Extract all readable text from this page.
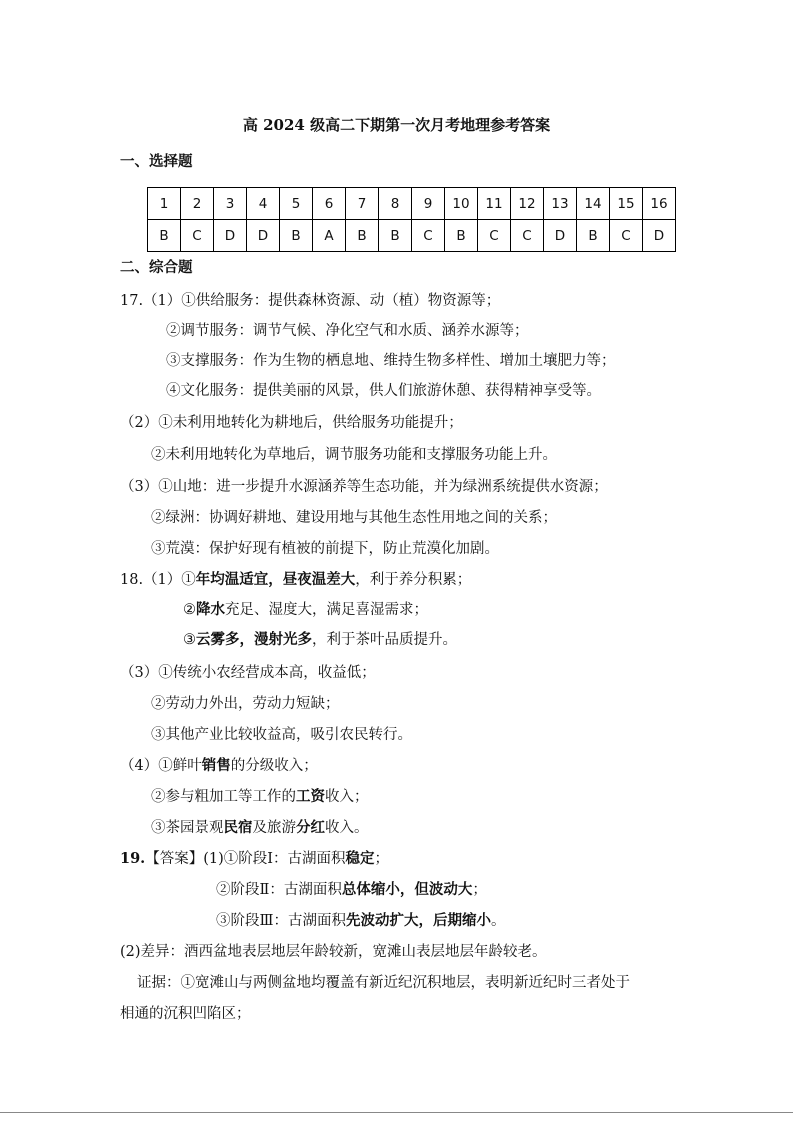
高 2024 级高二下期第一次月考地理参考答案
一、选择题
1	2	3	4	5	6	7	8	9	10	11	12	13	14	15	16
B	C	D	D	B	A	B	B	C	B	C	C	D	B	C	D
二、综合题
17.（1）①供给服务：提供森林资源、动（植）物资源等；
②调节服务：调节气候、净化空气和水质、涵养水源等；
③支撑服务：作为生物的栖息地、维持生物多样性、增加土壤肥力等；
④文化服务：提供美丽的风景，供人们旅游休憩、获得精神享受等。
（2）①未利用地转化为耕地后，供给服务功能提升；
②未利用地转化为草地后，调节服务功能和支撑服务功能上升。
（3）①山地：进一步提升水源涵养等生态功能，并为绿洲系统提供水资源；
②绿洲：协调好耕地、建设用地与其他生态性用地之间的关系；
③荒漠：保护好现有植被的前提下，防止荒漠化加剧。
18.（1）①年均温适宜，昼夜温差大，利于养分积累；
②降水充足、湿度大，满足喜湿需求；
③云雾多，漫射光多，利于茶叶品质提升。
（3）①传统小农经营成本高，收益低；
②劳动力外出，劳动力短缺；
③其他产业比较收益高，吸引农民转行。
（4）①鲜叶销售的分级收入；
②参与粗加工等工作的工资收入；
③茶园景观民宿及旅游分红收入。
19.【答案】(1)①阶段Ⅰ：古湖面积稳定；
②阶段Ⅱ：古湖面积总体缩小，但波动大；
③阶段Ⅲ：古湖面积先波动扩大，后期缩小。
(2)差异：酒西盆地表层地层年龄较新，宽滩山表层地层年龄较老。
证据：①宽滩山与两侧盆地均覆盖有新近纪沉积地层，表明新近纪时三者处于
相通的沉积凹陷区；
